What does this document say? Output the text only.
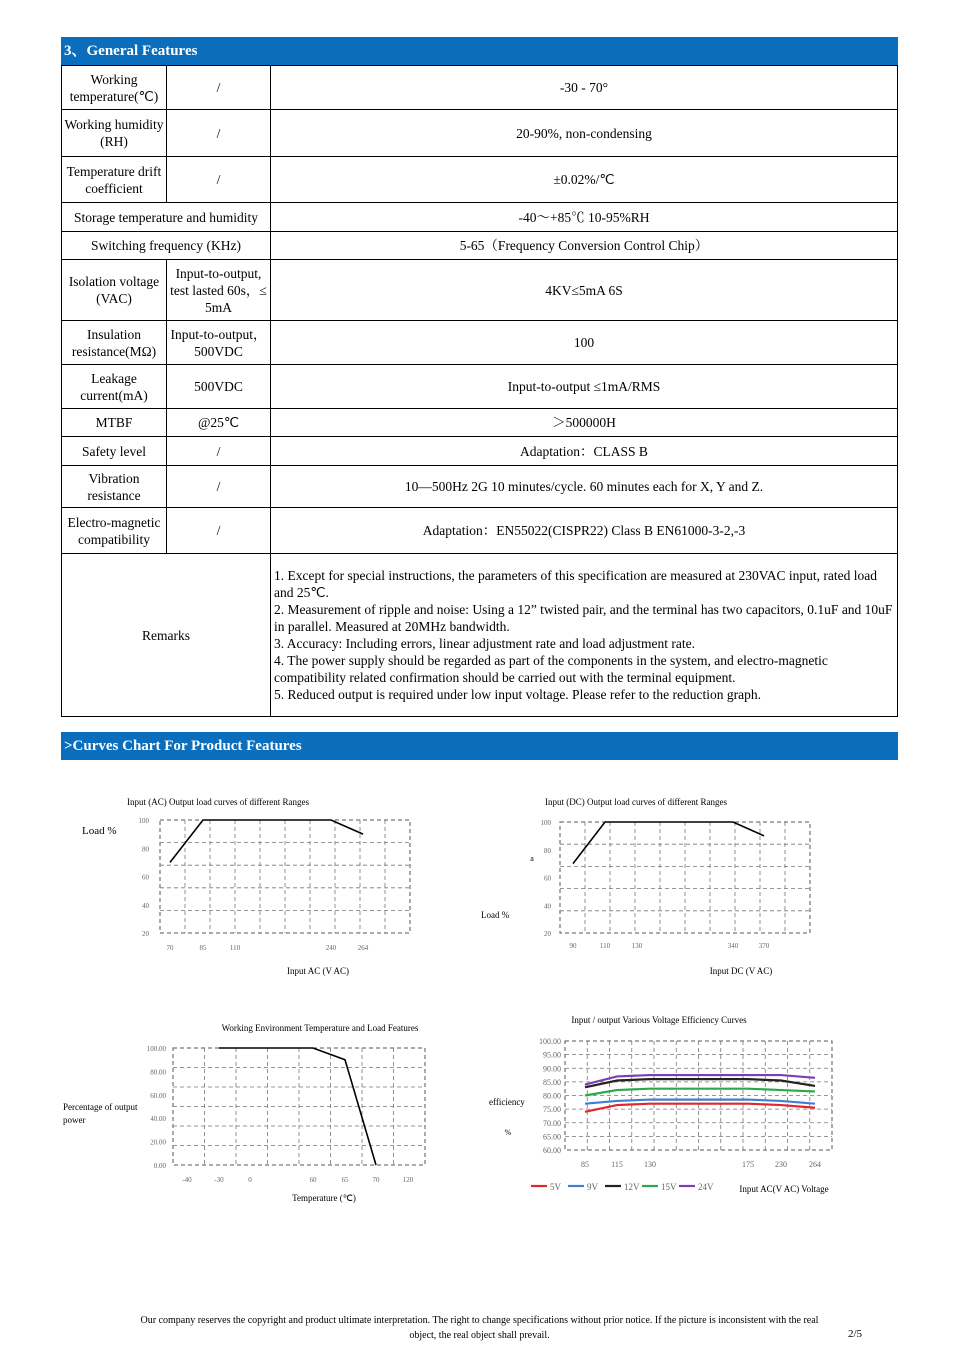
3、General Features
Working temperature(℃)	/	-30 - 70°
Working humidity (RH)	/	20-90%, non-condensing
Temperature drift coefficient	/	±0.02%/℃
Storage temperature and humidity		-40～+85℃ 10-95%RH
Switching frequency (KHz)		5-65（Frequency Conversion Control Chip）
Isolation voltage (VAC)	Input-to-output, test lasted 60s，≤ 5mA	4KV≤5mA 6S
Insulation resistance(MΩ)	Input-to-output，500VDC	100
Leakage current(mA)	500VDC	Input-to-output ≤1mA/RMS
MTBF	@25℃	＞500000H
Safety level	/	Adaptation：CLASS B
Vibration resistance	/	10—500Hz 2G 10 minutes/cycle. 60 minutes each for X, Y and Z.
Electro-magnetic compatibility	/	Adaptation：EN55022(CISPR22) Class B EN61000-3-2,-3
Remarks		1. Except for special instructions, the parameters of this specification are measured at 230VAC input, rated load and 25℃.
2. Measurement of ripple and noise: Using a 12” twisted pair, and the terminal has two capacitors, 0.1uF and 10uF in parallel. Measured at 20MHz bandwidth.
3. Accuracy: Including errors, linear adjustment rate and load adjustment rate.
4. The power supply should be regarded as part of the components in the system, and electro-magnetic compatibility related confirmation should be carried out with the terminal equipment.
5. Reduced output is required under low input voltage. Please refer to the reduction graph.
>Curves Chart For Product Features
Input (AC) Output load curves of different Ranges
Load %
Input AC (V AC)
20
40
60
80
100
70	85	110	240	264
Input (DC) Output load curves of different Ranges
Load %
a
Input DC (V AC)
20
40
60
80
100
90	110	130	340	370
Working Environment Temperature and Load Features
Percentage of output
power
Temperature (℃)
0.00
20.00
40.00
60.00
80.00
100.00
-40	-30	0	60	65	70	120
Input / output Various Voltage Efficiency Curves
efficiency
%
Input AC(V AC) Voltage
60.00
65.00
70.00
75.00
80.00
85.00
90.00
95.00
100.00
85	115	130	175	230	264
5V	9V	12V 15V 24V
Our company reserves the copyright and product ultimate interpretation. The right to change specifications without prior notice. If the picture is inconsistent with the real
object, the real object shall prevail.	2/5
